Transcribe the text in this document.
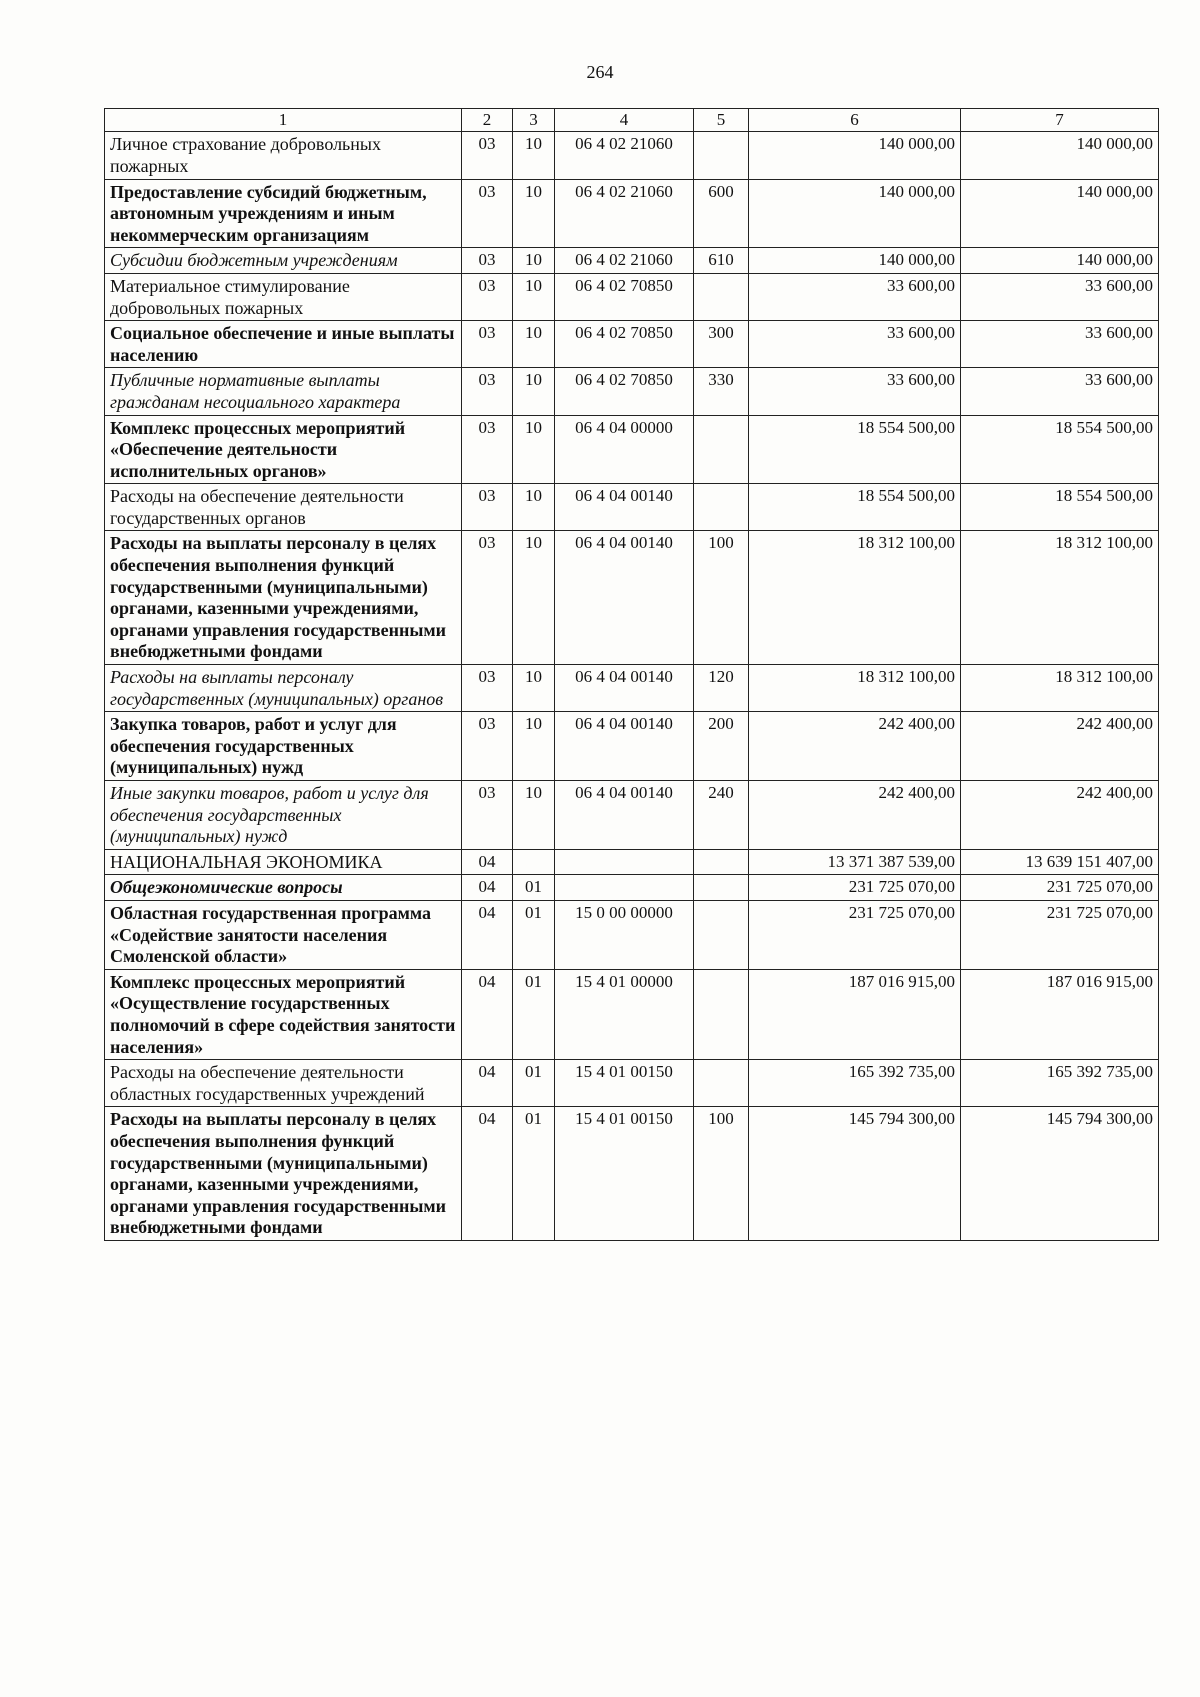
264
1	2	3	4	5	6	7
Личное страхование добровольных пожарных	03	10	06 4 02 21060		140 000,00	140 000,00
Предоставление субсидий бюджетным, автономным учреждениям и иным некоммерческим организациям	03	10	06 4 02 21060	600	140 000,00	140 000,00
Субсидии бюджетным учреждениям	03	10	06 4 02 21060	610	140 000,00	140 000,00
Материальное стимулирование добровольных пожарных	03	10	06 4 02 70850		33 600,00	33 600,00
Социальное обеспечение и иные выплаты населению	03	10	06 4 02 70850	300	33 600,00	33 600,00
Публичные нормативные выплаты гражданам несоциального характера	03	10	06 4 02 70850	330	33 600,00	33 600,00
Комплекс процессных мероприятий «Обеспечение деятельности исполнительных органов»	03	10	06 4 04 00000		18 554 500,00	18 554 500,00
Расходы на обеспечение деятельности государственных органов	03	10	06 4 04 00140		18 554 500,00	18 554 500,00
Расходы на выплаты персоналу в целях обеспечения выполнения функций государственными (муниципальными) органами, казенными учреждениями, органами управления государственными внебюджетными фондами	03	10	06 4 04 00140	100	18 312 100,00	18 312 100,00
Расходы на выплаты персоналу государственных (муниципальных) органов	03	10	06 4 04 00140	120	18 312 100,00	18 312 100,00
Закупка товаров, работ и услуг для обеспечения государственных (муниципальных) нужд	03	10	06 4 04 00140	200	242 400,00	242 400,00
Иные закупки товаров, работ и услуг для обеспечения государственных (муниципальных) нужд	03	10	06 4 04 00140	240	242 400,00	242 400,00
НАЦИОНАЛЬНАЯ ЭКОНОМИКА	04				13 371 387 539,00	13 639 151 407,00
Общеэкономические вопросы	04	01			231 725 070,00	231 725 070,00
Областная государственная программа «Содействие занятости населения Смоленской области»	04	01	15 0 00 00000		231 725 070,00	231 725 070,00
Комплекс процессных мероприятий «Осуществление государственных полномочий в сфере содействия занятости населения»	04	01	15 4 01 00000		187 016 915,00	187 016 915,00
Расходы на обеспечение деятельности областных государственных учреждений	04	01	15 4 01 00150		165 392 735,00	165 392 735,00
Расходы на выплаты персоналу в целях обеспечения выполнения функций государственными (муниципальными) органами, казенными учреждениями, органами управления государственными внебюджетными фондами	04	01	15 4 01 00150	100	145 794 300,00	145 794 300,00
